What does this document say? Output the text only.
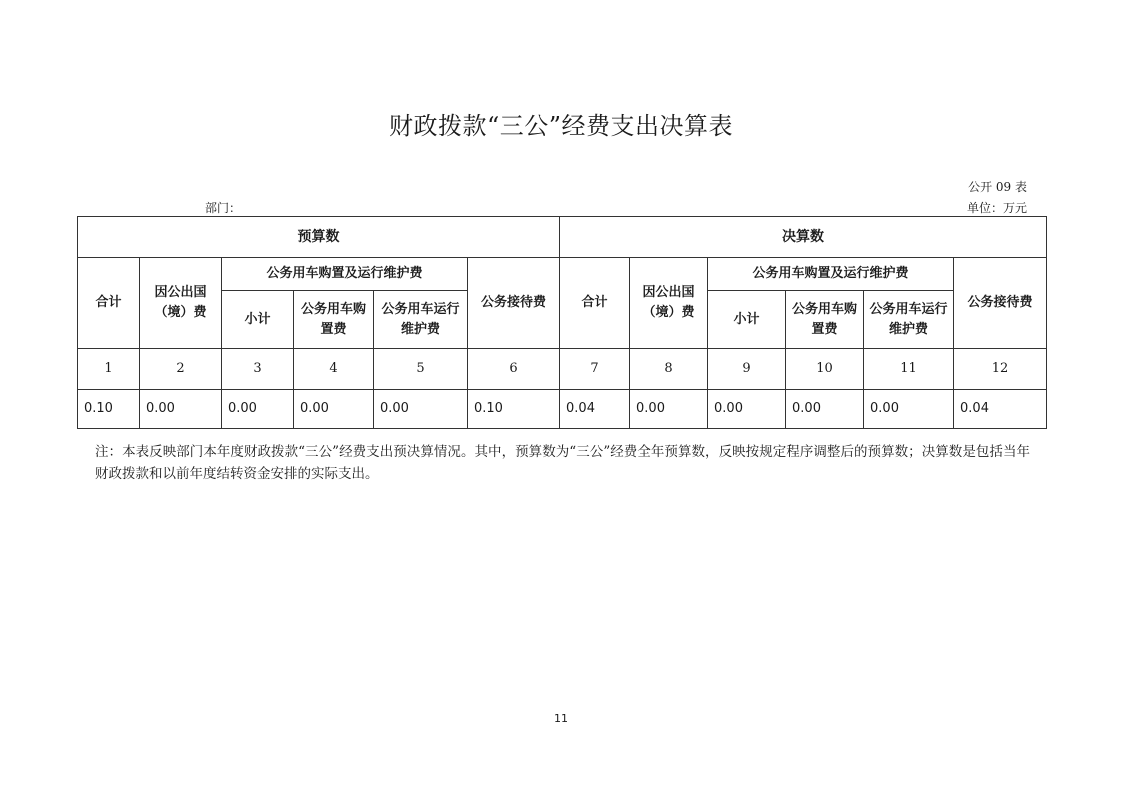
财政拨款“三公”经费支出决算表
公开 09 表
部门：	单位：万元
预算数						决算数					
合计	因公出国（境）费	公务用车购置及运行维护费			公务接待费	合计	因公出国（境）费	公务用车购置及运行维护费			公务接待费
		小计	公务用车购置费	公务用车运行维护费				小计	公务用车购置费	公务用车运行维护费	
1	2	3	4	5	6	7	8	9	10	11	12
0.10	0.00	0.00	0.00	0.00	0.10	0.04	0.00	0.00	0.00	0.00	0.04
注：本表反映部门本年度财政拨款“三公”经费支出预决算情况。其中，预算数为“三公”经费全年预算数，反映按规定程序调整后的预算数；决算数是包括当年财政拨款和以前年度结转资金安排的实际支出。
11
